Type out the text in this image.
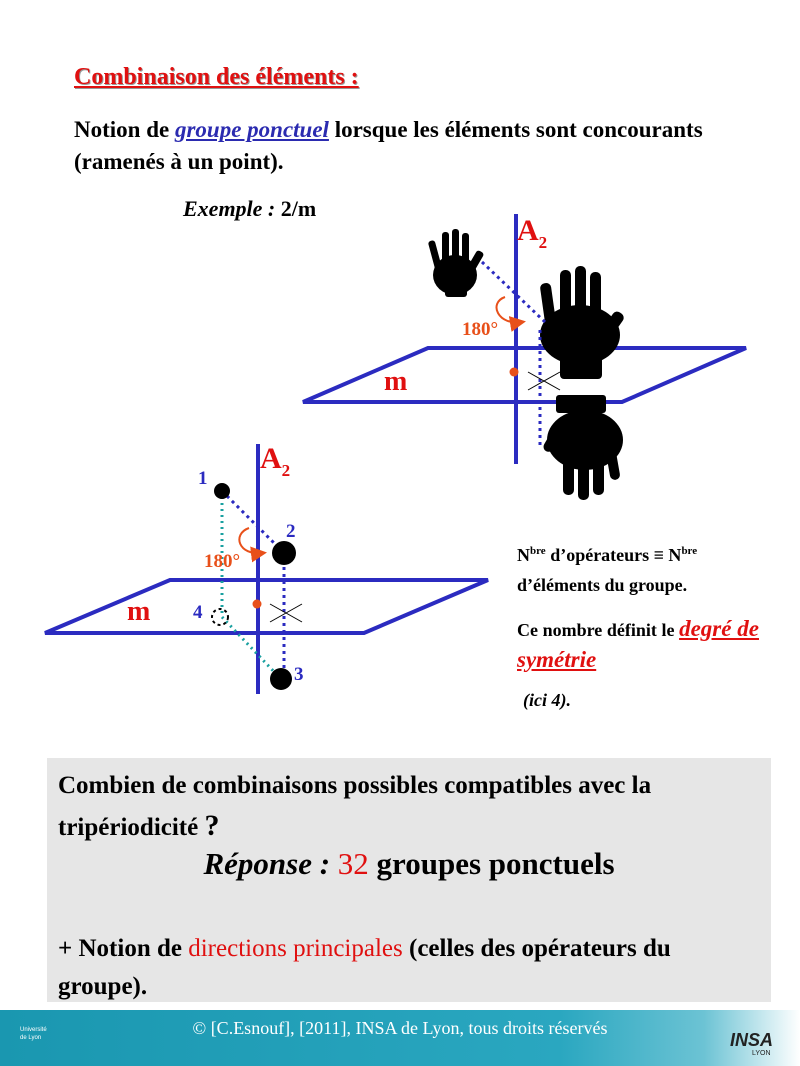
Combinaison des éléments :
Notion de groupe ponctuel lorsque les éléments sont concourants (ramenés à un point).
Exemple : 2/m
$A_2$
180°
m
$A_2$
180°
m
1
2
3
4
$N^{bre}$ d’opérateurs ≡ $N^{bre}$ d’éléments du groupe.
Ce nombre définit le degré de symétrie
(ici 4).
Combien de combinaisons possibles compatibles avec la tripériodicité ?
Réponse : 32 groupes ponctuels
+ Notion de directions principales (celles des opérateurs du groupe).
Université
de Lyon	© [C.Esnouf], [2011], INSA de Lyon, tous droits réservés
INSA
LYON
